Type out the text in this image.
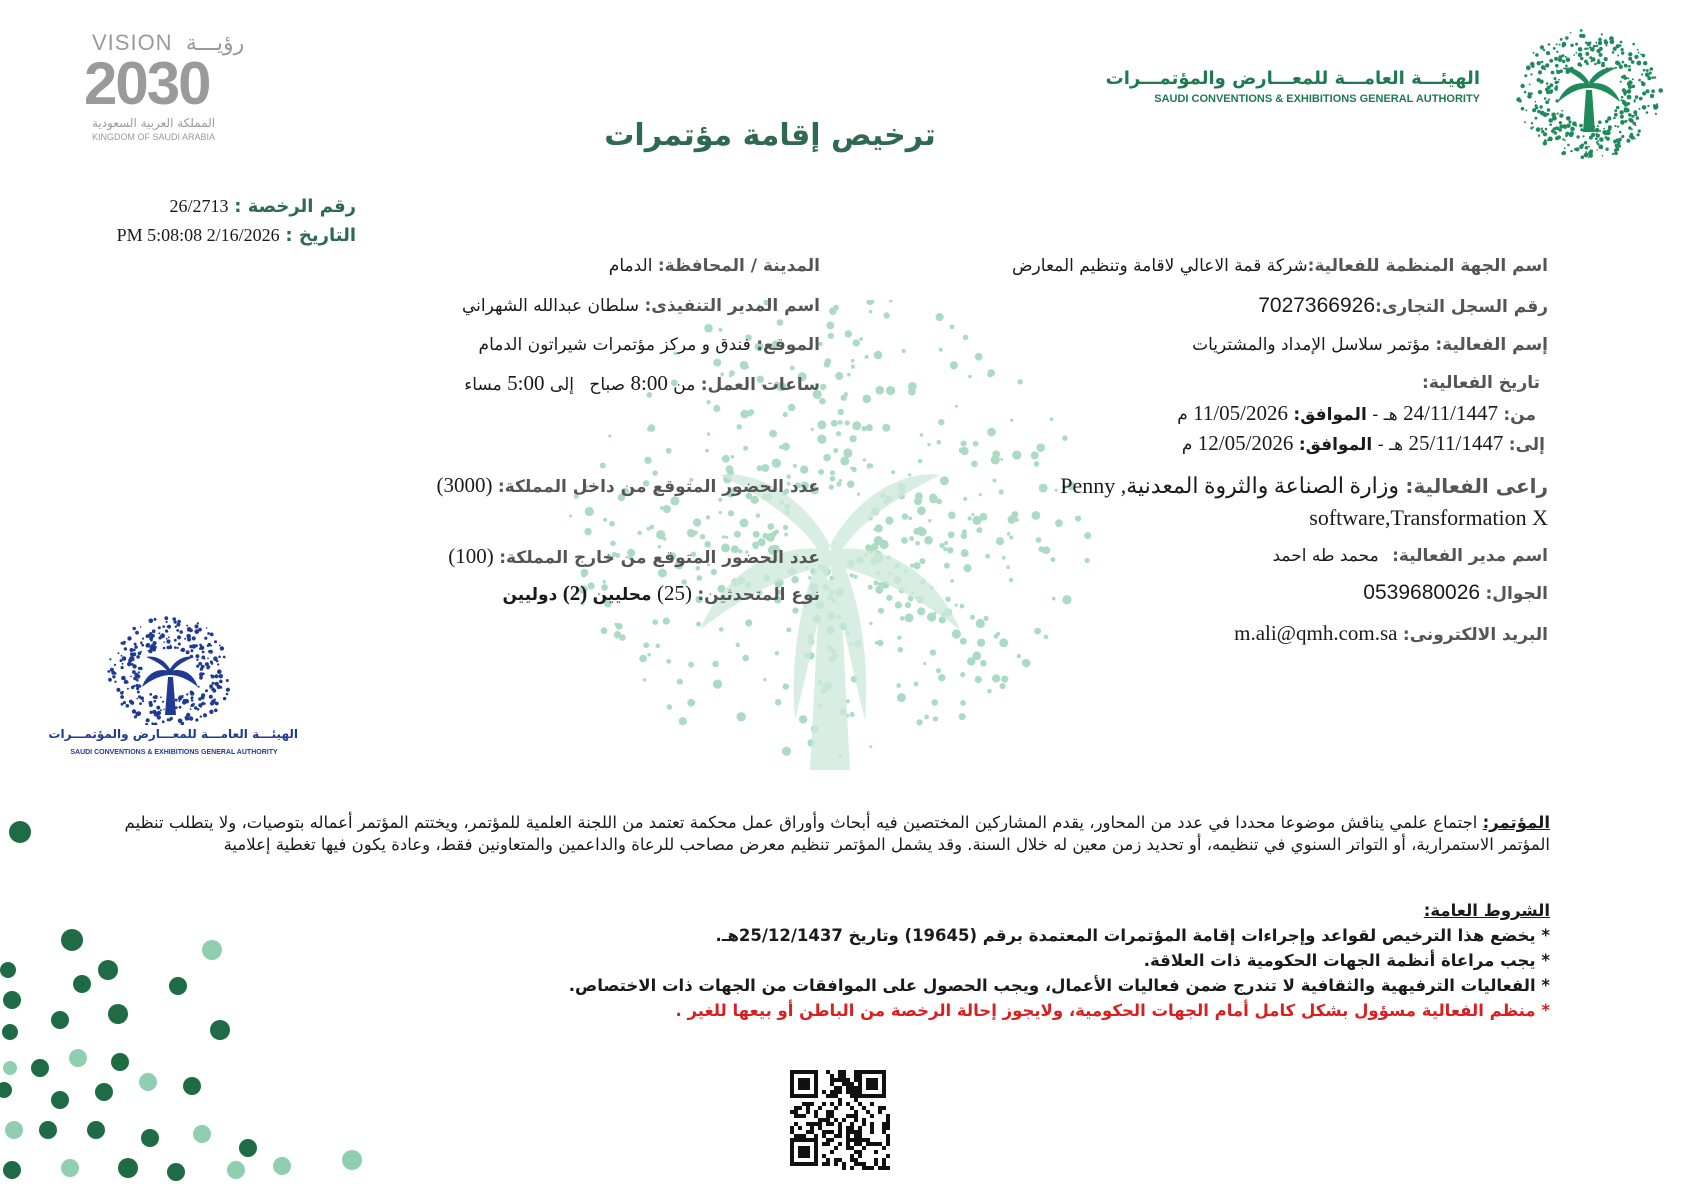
VISION رؤيـــة
2030
المملكة العربية السعودية
KINGDOM OF SAUDI ARABIA
الهيئـــة العامـــة للمعـــارض والمؤتمـــرات
SAUDI CONVENTIONS & EXHIBITIONS GENERAL AUTHORITY
ترخيص إقامة مؤتمرات
رقم الرخصة : 26/2713
التاريخ : 2/16/2026 5:08:08 PM
المدينة / المحافظة: الدمام
اسم المدير التنفيذى: سلطان عبدالله الشهراني
الموقع: فندق و مركز مؤتمرات شيراتون الدمام
ساعات العمل: من 8:00 صباح إلى 5:00 مساء
عدد الحضور المتوقع من داخل المملكة: (3000)
عدد الحضور المتوقع من خارج المملكة: (100)
نوع المتحدثين: (25) محليين (2) دوليين
اسم الجهة المنظمة للفعالية:شركة قمة الاعالي لاقامة وتنظيم المعارض
رقم السجل التجارى:7027366926
إسم الفعالية: مؤتمر سلاسل الإمداد والمشتريات
تاريخ الفعالية:
من: 24/11/1447 هـ - الموافق: 11/05/2026 م
إلى: 25/11/1447 هـ - الموافق: 12/05/2026 م
راعى الفعالية: وزارة الصناعة والثروة المعدنية, Penny
software,Transformation X
اسم مدير الفعالية: محمد طه احمد
الجوال: 0539680026
البريد الالكترونى: m.ali@qmh.com.sa
الهيئـــة العامـــة للمعـــارض والمؤتمـــرات
SAUDI CONVENTIONS & EXHIBITIONS GENERAL AUTHORITY
المؤتمر: اجتماع علمي يناقش موضوعا محددا في عدد من المحاور، يقدم المشاركين المختصين فيه أبحاث وأوراق عمل محكمة تعتمد من اللجنة العلمية للمؤتمر، ويختتم المؤتمر أعماله بتوصيات، ولا يتطلب تنظيم المؤتمر الاستمرارية، أو التواتر السنوي في تنظيمه، أو تحديد زمن معين له خلال السنة. وقد يشمل المؤتمر تنظيم معرض مصاحب للرعاة والداعمين والمتعاونين فقط، وعادة يكون فيها تغطية إعلامية

الشروط العامة:

* يخضع هذا الترخيص لقواعد وإجراءات إقامة المؤتمرات المعتمدة برقم (19645) وتاريخ 25/12/1437هـ.

* يجب مراعاة أنظمة الجهات الحكومية ذات العلاقة.

* الفعاليات الترفيهية والثقافية لا تندرج ضمن فعاليات الأعمال، ويجب الحصول على الموافقات من الجهات ذات الاختصاص.

* منظم الفعالية مسؤول بشكل كامل أمام الجهات الحكومية، ولايجوز إحالة الرخصة من الباطن أو بيعها للغير .
